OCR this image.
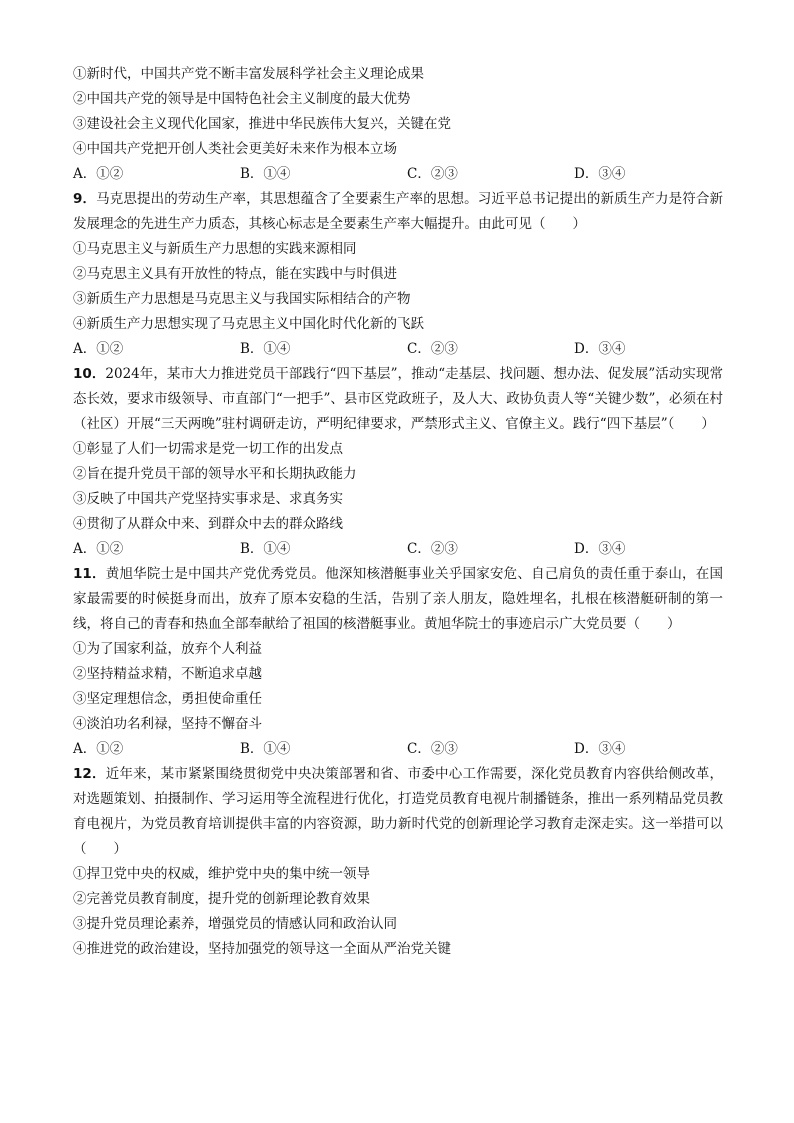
①新时代，中国共产党不断丰富发展科学社会主义理论成果
②中国共产党的领导是中国特色社会主义制度的最大优势
③建设社会主义现代化国家，推进中华民族伟大复兴，关键在党
④中国共产党把开创人类社会更美好未来作为根本立场
A．①②	B．①④	C．②③	D．③④
9．马克思提出的劳动生产率，其思想蕴含了全要素生产率的思想。习近平总书记提出的新质生产力是符合新发展理念的先进生产力质态，其核心标志是全要素生产率大幅提升。由此可见（　　）
①马克思主义与新质生产力思想的实践来源相同
②马克思主义具有开放性的特点，能在实践中与时俱进
③新质生产力思想是马克思主义与我国实际相结合的产物
④新质生产力思想实现了马克思主义中国化时代化新的飞跃
A．①②	B．①④	C．②③	D．③④
10．2024年，某市大力推进党员干部践行“四下基层”，推动“走基层、找问题、想办法、促发展”活动实现常态长效，要求市级领导、市直部门“一把手”、县市区党政班子，及人大、政协负责人等“关键少数”，必须在村（社区）开展“三天两晚”驻村调研走访，严明纪律要求，严禁形式主义、官僚主义。践行“四下基层”（　　）
①彰显了人们一切需求是党一切工作的出发点
②旨在提升党员干部的领导水平和长期执政能力
③反映了中国共产党坚持实事求是、求真务实
④贯彻了从群众中来、到群众中去的群众路线
A．①②	B．①④	C．②③	D．③④
11．黄旭华院士是中国共产党优秀党员。他深知核潜艇事业关乎国家安危、自己肩负的责任重于泰山，在国家最需要的时候挺身而出，放弃了原本安稳的生活，告别了亲人朋友，隐姓埋名，扎根在核潜艇研制的第一线，将自己的青春和热血全部奉献给了祖国的核潜艇事业。黄旭华院士的事迹启示广大党员要（　　）
①为了国家利益，放弃个人利益
②坚持精益求精，不断追求卓越
③坚定理想信念，勇担使命重任
④淡泊功名利禄，坚持不懈奋斗
A．①②	B．①④	C．②③	D．③④
12．近年来，某市紧紧围绕贯彻党中央决策部署和省、市委中心工作需要，深化党员教育内容供给侧改革，对选题策划、拍摄制作、学习运用等全流程进行优化，打造党员教育电视片制播链条，推出一系列精品党员教育电视片，为党员教育培训提供丰富的内容资源，助力新时代党的创新理论学习教育走深走实。这一举措可以（　　）
①捍卫党中央的权威，维护党中央的集中统一领导
②完善党员教育制度，提升党的创新理论教育效果
③提升党员理论素养，增强党员的情感认同和政治认同
④推进党的政治建设，坚持加强党的领导这一全面从严治党关键
